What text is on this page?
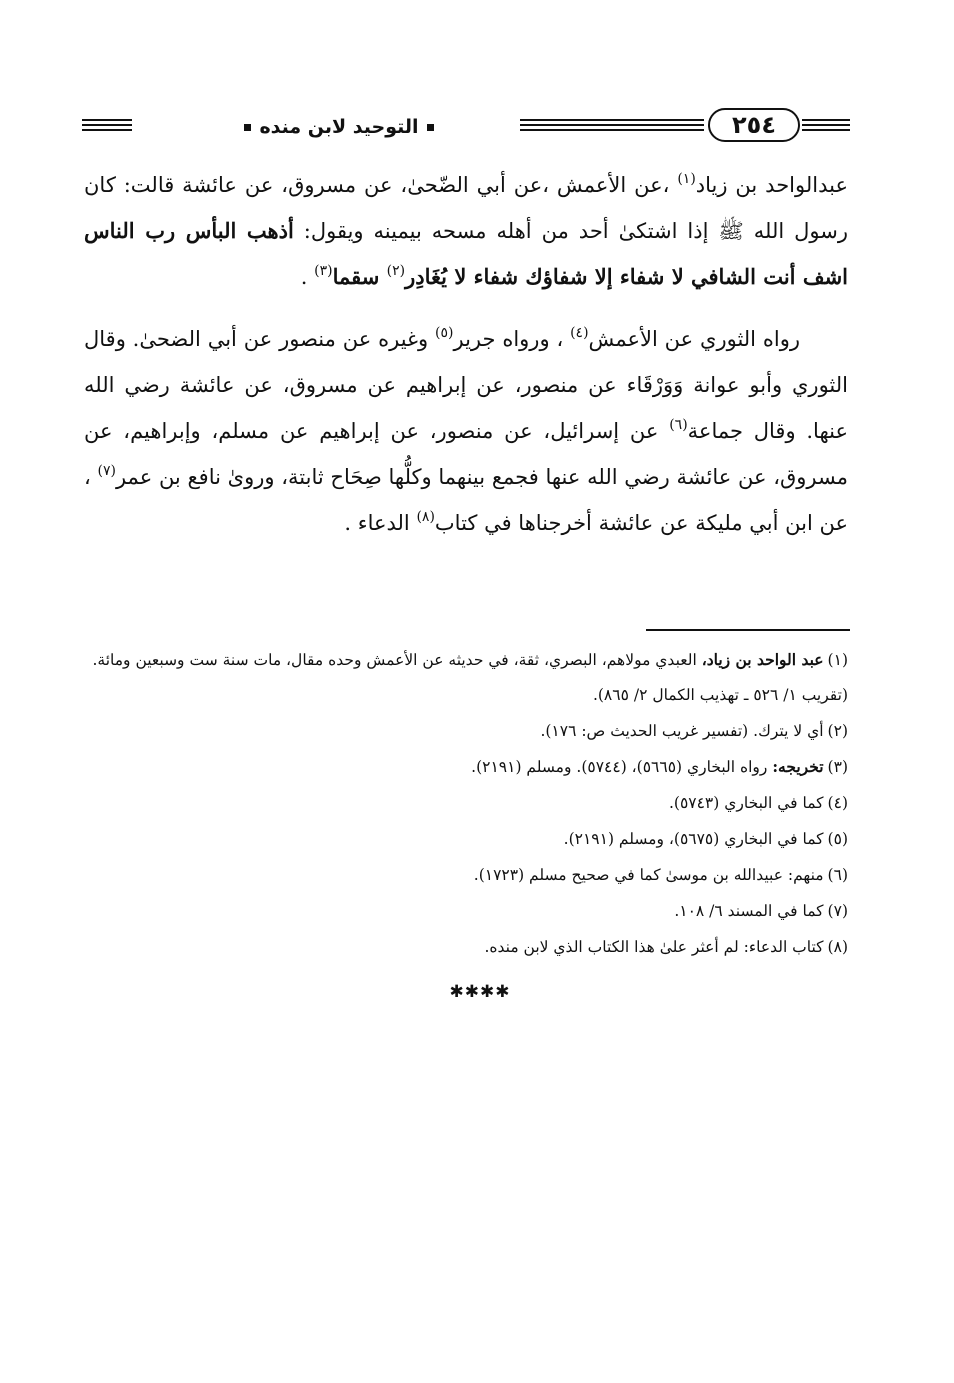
٢٥٤
التوحيد لابن منده

عبدالواحد بن زياد$^{(١)}$ ،عن الأعمش ،عن أبي الضّحىٰ، عن مسروق، عن عائشة قالت: كان رسول الله ﷺ إذا اشتكىٰ أحد من أهله مسحه بيمينه ويقول: أذهب البأس رب الناس اشف أنت الشافي لا شفاء إلا شفاؤك شفاء لا يُغَادِر$^{(٢)}$ سقما$^{(٣)}$ .

رواه الثوري عن الأعمش$^{(٤)}$ ، ورواه جرير$^{(٥)}$ وغيره عن منصور عن أبي الضحىٰ. وقال الثوري وأبو عوانة وَوَرْقَاء عن منصور، عن إبراهيم عن مسروق، عن عائشة رضي الله عنها. وقال جماعة$^{(٦)}$ عن إسرائيل، عن منصور، عن إبراهيم عن مسلم، وإبراهيم، عن مسروق، عن عائشة رضي الله عنها فجمع بينهما وكلُّها صِحَاح ثابتة، ورویٰ نافع بن عمر$^{(٧)}$ ، عن ابن أبي مليكة عن عائشة أخرجناها في كتاب$^{(٨)}$ الدعاء .

(١)عبد الواحد بن زياد، العبدي مولاهم، البصري، ثقة، في حديثه عن الأعمش وحده مقال، مات سنة ست وسبعين ومائة. (تقريب ١/ ٥٢٦ ـ تهذيب الكمال ٢/ ٨٦٥).

(٢)أي لا يترك. (تفسير غريب الحديث ص: ١٧٦).

(٣)تخريجه: رواه البخاري (٥٦٦٥)، (٥٧٤٤). ومسلم (٢١٩١).

(٤)كما في البخاري (٥٧٤٣).

(٥)كما في البخاري (٥٦٧٥)، ومسلم (٢١٩١).

(٦)منهم: عبيدالله بن موسىٰ كما في صحيح مسلم (١٧٢٣).

(٧)كما في المسند ٦/ ١٠٨.

(٨)كتاب الدعاء: لم أعثر علىٰ هذا الكتاب الذي لابن منده.

✱✱✱✱
